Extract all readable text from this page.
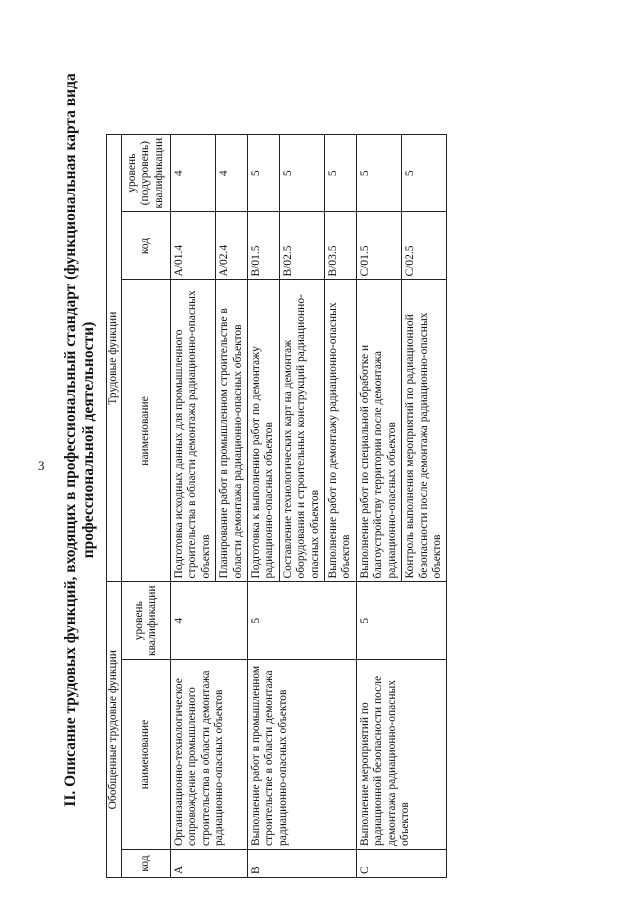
3 II. Описание трудовых функций, входящих в профессиональный стандарт (функциональная карта вида профессиональной деятельности)
Обобщенные трудовые функции			Трудовые функции		
код	наименование	уровень квалификации	наименование	код	уровень (подуровень) квалификации
A	Организационно-технологическое сопровождение промышленного строительства в области демонтажа радиационно-опасных объектов	4	Подготовка исходных данных для промышленного строительства в области демонтажа радиационно-опасных объектов	A/01.4	4
			Планирование работ в промышленном строительстве в области демонтажа радиационно-опасных объектов	A/02.4	4
B	Выполнение работ в промышленном строительстве в области демонтажа радиационно-опасных объектов	5	Подготовка к выполнению работ по демонтажу радиационно-опасных объектов	B/01.5	5
			Составление технологических карт на демонтаж оборудования и строительных конструкций радиационно-опасных объектов	B/02.5	5
			Выполнение работ по демонтажу радиационно-опасных объектов	B/03.5	5
C	Выполнение мероприятий по радиационной безопасности после демонтажа радиационно-опасных объектов	5	Выполнение работ по специальной обработке и благоустройству территории после демонтажа радиационно-опасных объектов	C/01.5	5
			Контроль выполнения мероприятий по радиационной безопасности после демонтажа радиационно-опасных объектов	C/02.5	5
